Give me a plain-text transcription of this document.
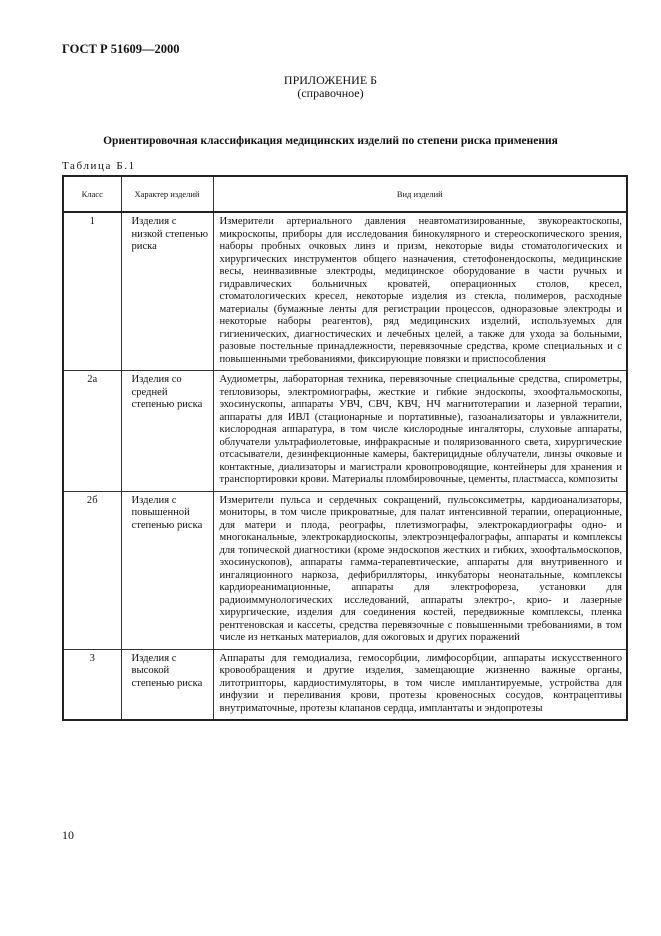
ГОСТ Р 51609—2000
ПРИЛОЖЕНИЕ Б
(справочное)
Ориентировочная классификация медицинских изделий по степени риска применения
Таблица Б.1
Класс	Характер изделий	Вид изделий
1	Изделия с низкой степенью риска	Измерители артериального давления неавтоматизированные, звукореактоскопы, микроскопы, приборы для исследования бинокулярного и стереоскопического зрения, наборы пробных очковых линз и призм, некоторые виды стоматологических и хирургических инструментов общего назначения, стетофонендоскопы, медицинские весы, неинвазивные электроды, медицинское оборудование в части ручных и гидравлических больничных кроватей, операционных столов, кресел, стоматологических кресел, некоторые изделия из стекла, полимеров, расходные материалы (бумажные ленты для регистрации процессов, одноразовые электроды и некоторые наборы реагентов), ряд медицинских изделий, используемых для гигиенических, диагностических и лечебных целей, а также для ухода за больными, разовые постельные принадлежности, перевязочные средства, кроме специальных и с повышенными требованиями, фиксирующие повязки и приспособления
2а	Изделия со средней степенью риска	Аудиометры, лабораторная техника, перевязочные специальные средства, спирометры, тепловизоры, электромиографы, жесткие и гибкие эндоскопы, эхоофтальмоскопы, эхосинускопы, аппараты УВЧ, СВЧ, КВЧ, НЧ магнитотерапии и лазерной терапии, аппараты для ИВЛ (стационарные и портативные), газоанализаторы и увлажнители, кислородная аппаратура, в том числе кислородные ингаляторы, слуховые аппараты, облучатели ультрафиолетовые, инфракрасные и поляризованного света, хирургические отсасыватели, дезинфекционные камеры, бактерицидные облучатели, линзы очковые и контактные, диализаторы и магистрали кровопроводящие, контейнеры для хранения и транспортировки крови. Материалы пломбировочные, цементы, пластмасса, композиты
2б	Изделия с повышенной степенью риска	Измерители пульса и сердечных сокращений, пульсоксиметры, кардиоанализаторы, мониторы, в том числе прикроватные, для палат интенсивной терапии, операционные, для матери и плода, реографы, плетизмографы, электрокардиографы одно- и многоканальные, электрокардиоскопы, электроэнцефалографы, аппараты и комплексы для топической диагностики (кроме эндоскопов жестких и гибких, эхоофтальмоскопов, эхосинускопов), аппараты гамма-терапевтические, аппараты для внутривенного и ингаляционного наркоза, дефибрилляторы, инкубаторы неонатальные, комплексы кардиореанимационные, аппараты для электрофореза, установки для радиоиммунологических исследований, аппараты электро-, крио- и лазерные хирургические, изделия для соединения костей, передвижные комплексы, пленка рентгеновская и кассеты, средства перевязочные с повышенными требованиями, в том числе из нетканых материалов, для ожоговых и других поражений
3	Изделия с высокой степенью риска	Аппараты для гемодиализа, гемосорбции, лимфосорбции, аппараты искусственного кровообращения и другие изделия, замещающие жизненно важные органы, литотрипторы, кардиостимуляторы, в том числе имплантируемые, устройства для инфузии и переливания крови, протезы кровеносных сосудов, контрацептивы внутриматочные, протезы клапанов сердца, имплантаты и эндопротезы
10
